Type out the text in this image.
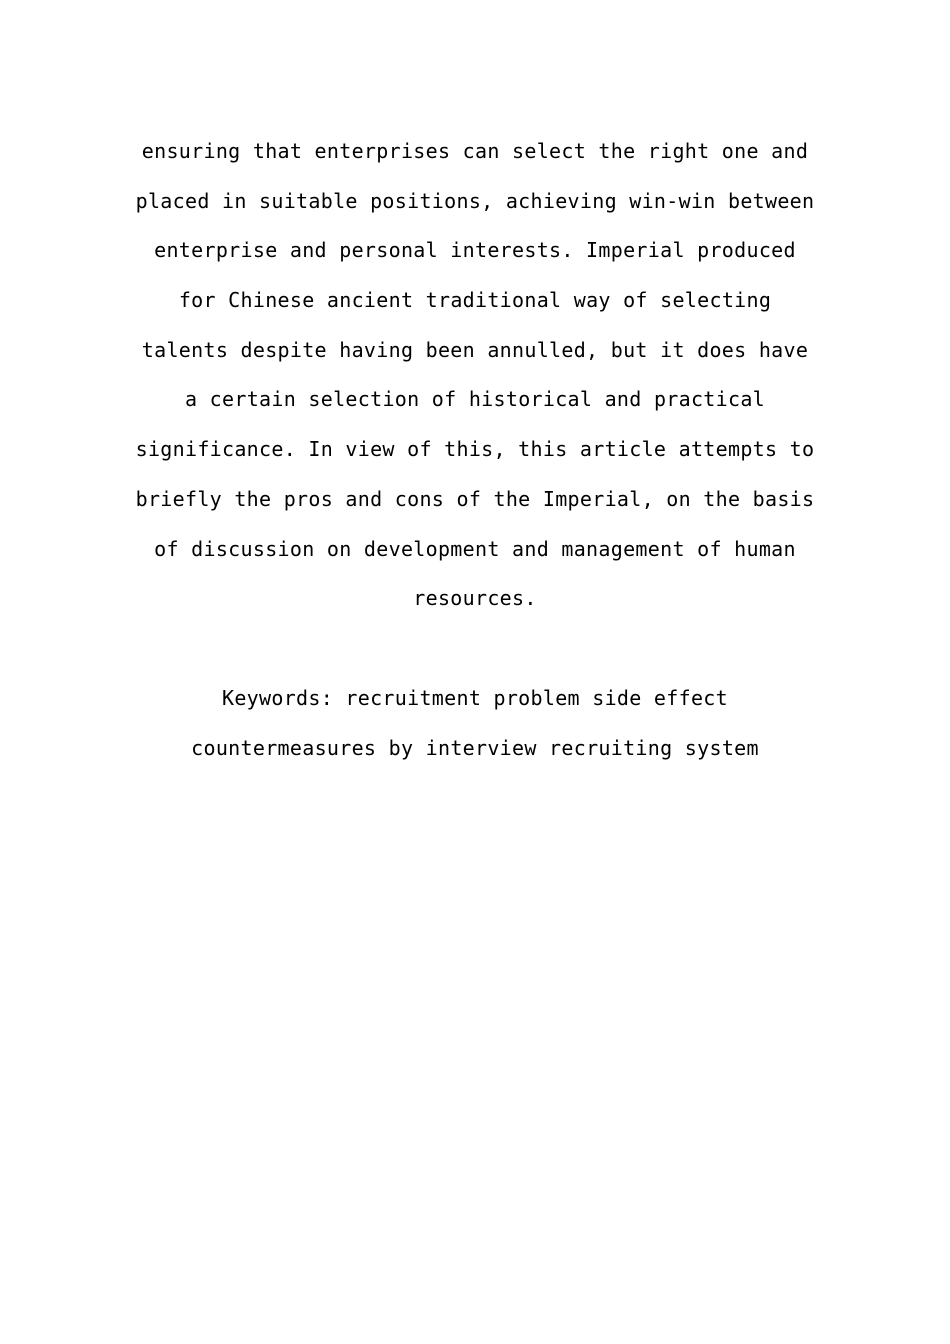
ensuring that enterprises can select the right one and
placed in suitable positions, achieving win-win between
enterprise and personal interests. Imperial produced
for Chinese ancient traditional way of selecting
talents despite having been annulled, but it does have
a certain selection of historical and practical
significance. In view of this, this article attempts to
briefly the pros and cons of the Imperial, on the basis
of discussion on development and management of human
resources.
Keywords: recruitment problem side effect
countermeasures by interview recruiting system
